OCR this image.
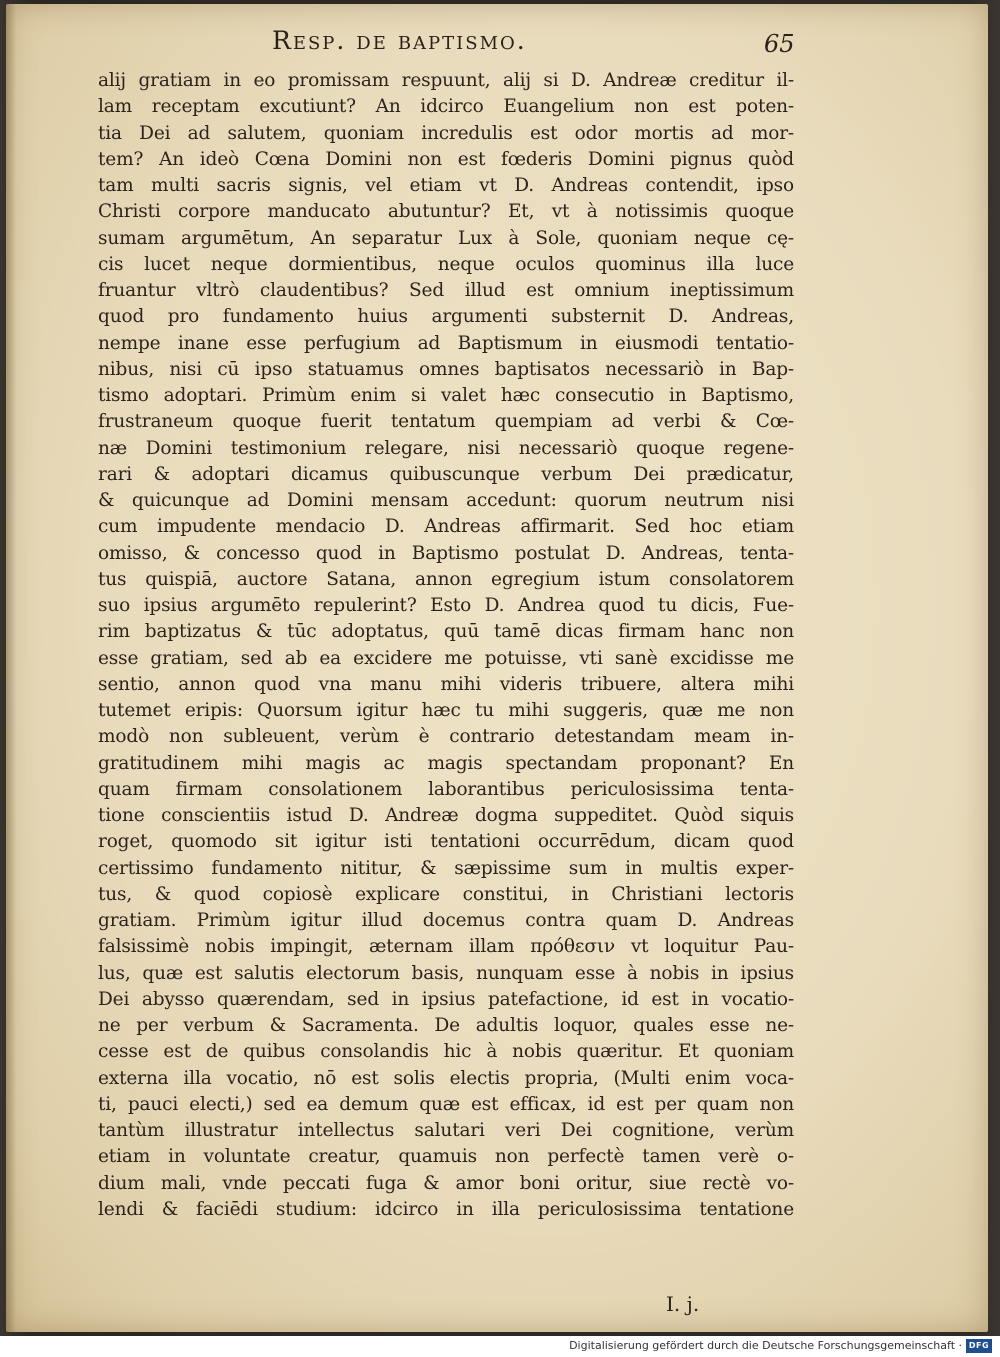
Resp. de baptismo.	65
alij gratiam in eo promissam respuunt, alij si D. Andreæ creditur il-
lam receptam excutiunt? An idcirco Euangelium non est poten-
tia Dei ad salutem, quoniam incredulis est odor mortis ad mor-
tem? An ideò Cœna Domini non est fœderis Domini pignus quòd
tam multi sacris signis, vel etiam vt D. Andreas contendit, ipso
Christi corpore manducato abutuntur? Et, vt à notissimis quoque
sumam argumētum, An separatur Lux à Sole, quoniam neque cę-
cis lucet neque dormientibus, neque oculos quominus illa luce
fruantur vltrò claudentibus? Sed illud est omnium ineptissimum
quod pro fundamento huius argumenti substernit D. Andreas,
nempe inane esse perfugium ad Baptismum in eiusmodi tentatio-
nibus, nisi cū ipso statuamus omnes baptisatos necessariò in Bap-
tismo adoptari. Primùm enim si valet hæc consecutio in Baptismo,
frustraneum quoque fuerit tentatum quempiam ad verbi & Cœ-
næ Domini testimonium relegare, nisi necessariò quoque regene-
rari & adoptari dicamus quibuscunque verbum Dei prædicatur,
& quicunque ad Domini mensam accedunt: quorum neutrum nisi
cum impudente mendacio D. Andreas affirmarit. Sed hoc etiam
omisso, & concesso quod in Baptismo postulat D. Andreas, tenta-
tus quispiā, auctore Satana, annon egregium istum consolatorem
suo ipsius argumēto repulerint? Esto D. Andrea quod tu dicis, Fue-
rim baptizatus & tūc adoptatus, quū tamē dicas firmam hanc non
esse gratiam, sed ab ea excidere me potuisse, vti sanè excidisse me
sentio, annon quod vna manu mihi videris tribuere, altera mihi
tutemet eripis: Quorsum igitur hæc tu mihi suggeris, quæ me non
modò non subleuent, verùm è contrario detestandam meam in-
gratitudinem mihi magis ac magis spectandam proponant? En
quam firmam consolationem laborantibus periculosissima tenta-
tione conscientiis istud D. Andreæ dogma suppeditet. Quòd siquis
roget, quomodo sit igitur isti tentationi occurrēdum, dicam quod
certissimo fundamento nititur, & sæpissime sum in multis exper-
tus, & quod copiosè explicare constitui, in Christiani lectoris
gratiam. Primùm igitur illud docemus contra quam D. Andreas
falsissimè nobis impingit, æternam illam πρόθεσιν vt loquitur Pau-
lus, quæ est salutis electorum basis, nunquam esse à nobis in ipsius
Dei abysso quærendam, sed in ipsius patefactione, id est in vocatio-
ne per verbum & Sacramenta. De adultis loquor, quales esse ne-
cesse est de quibus consolandis hic à nobis quæritur. Et quoniam
externa illa vocatio, nō est solis electis propria, (Multi enim voca-
ti, pauci electi,) sed ea demum quæ est efficax, id est per quam non
tantùm illustratur intellectus salutari veri Dei cognitione, verùm
etiam in voluntate creatur, quamuis non perfectè tamen verè o-
dium mali, vnde peccati fuga & amor boni oritur, siue rectè vo-
lendi & faciēdi studium: idcirco in illa periculosissima tentatione
I. j.
Digitalisierung gefördert durch die Deutsche Forschungsgemeinschaft · DFG
